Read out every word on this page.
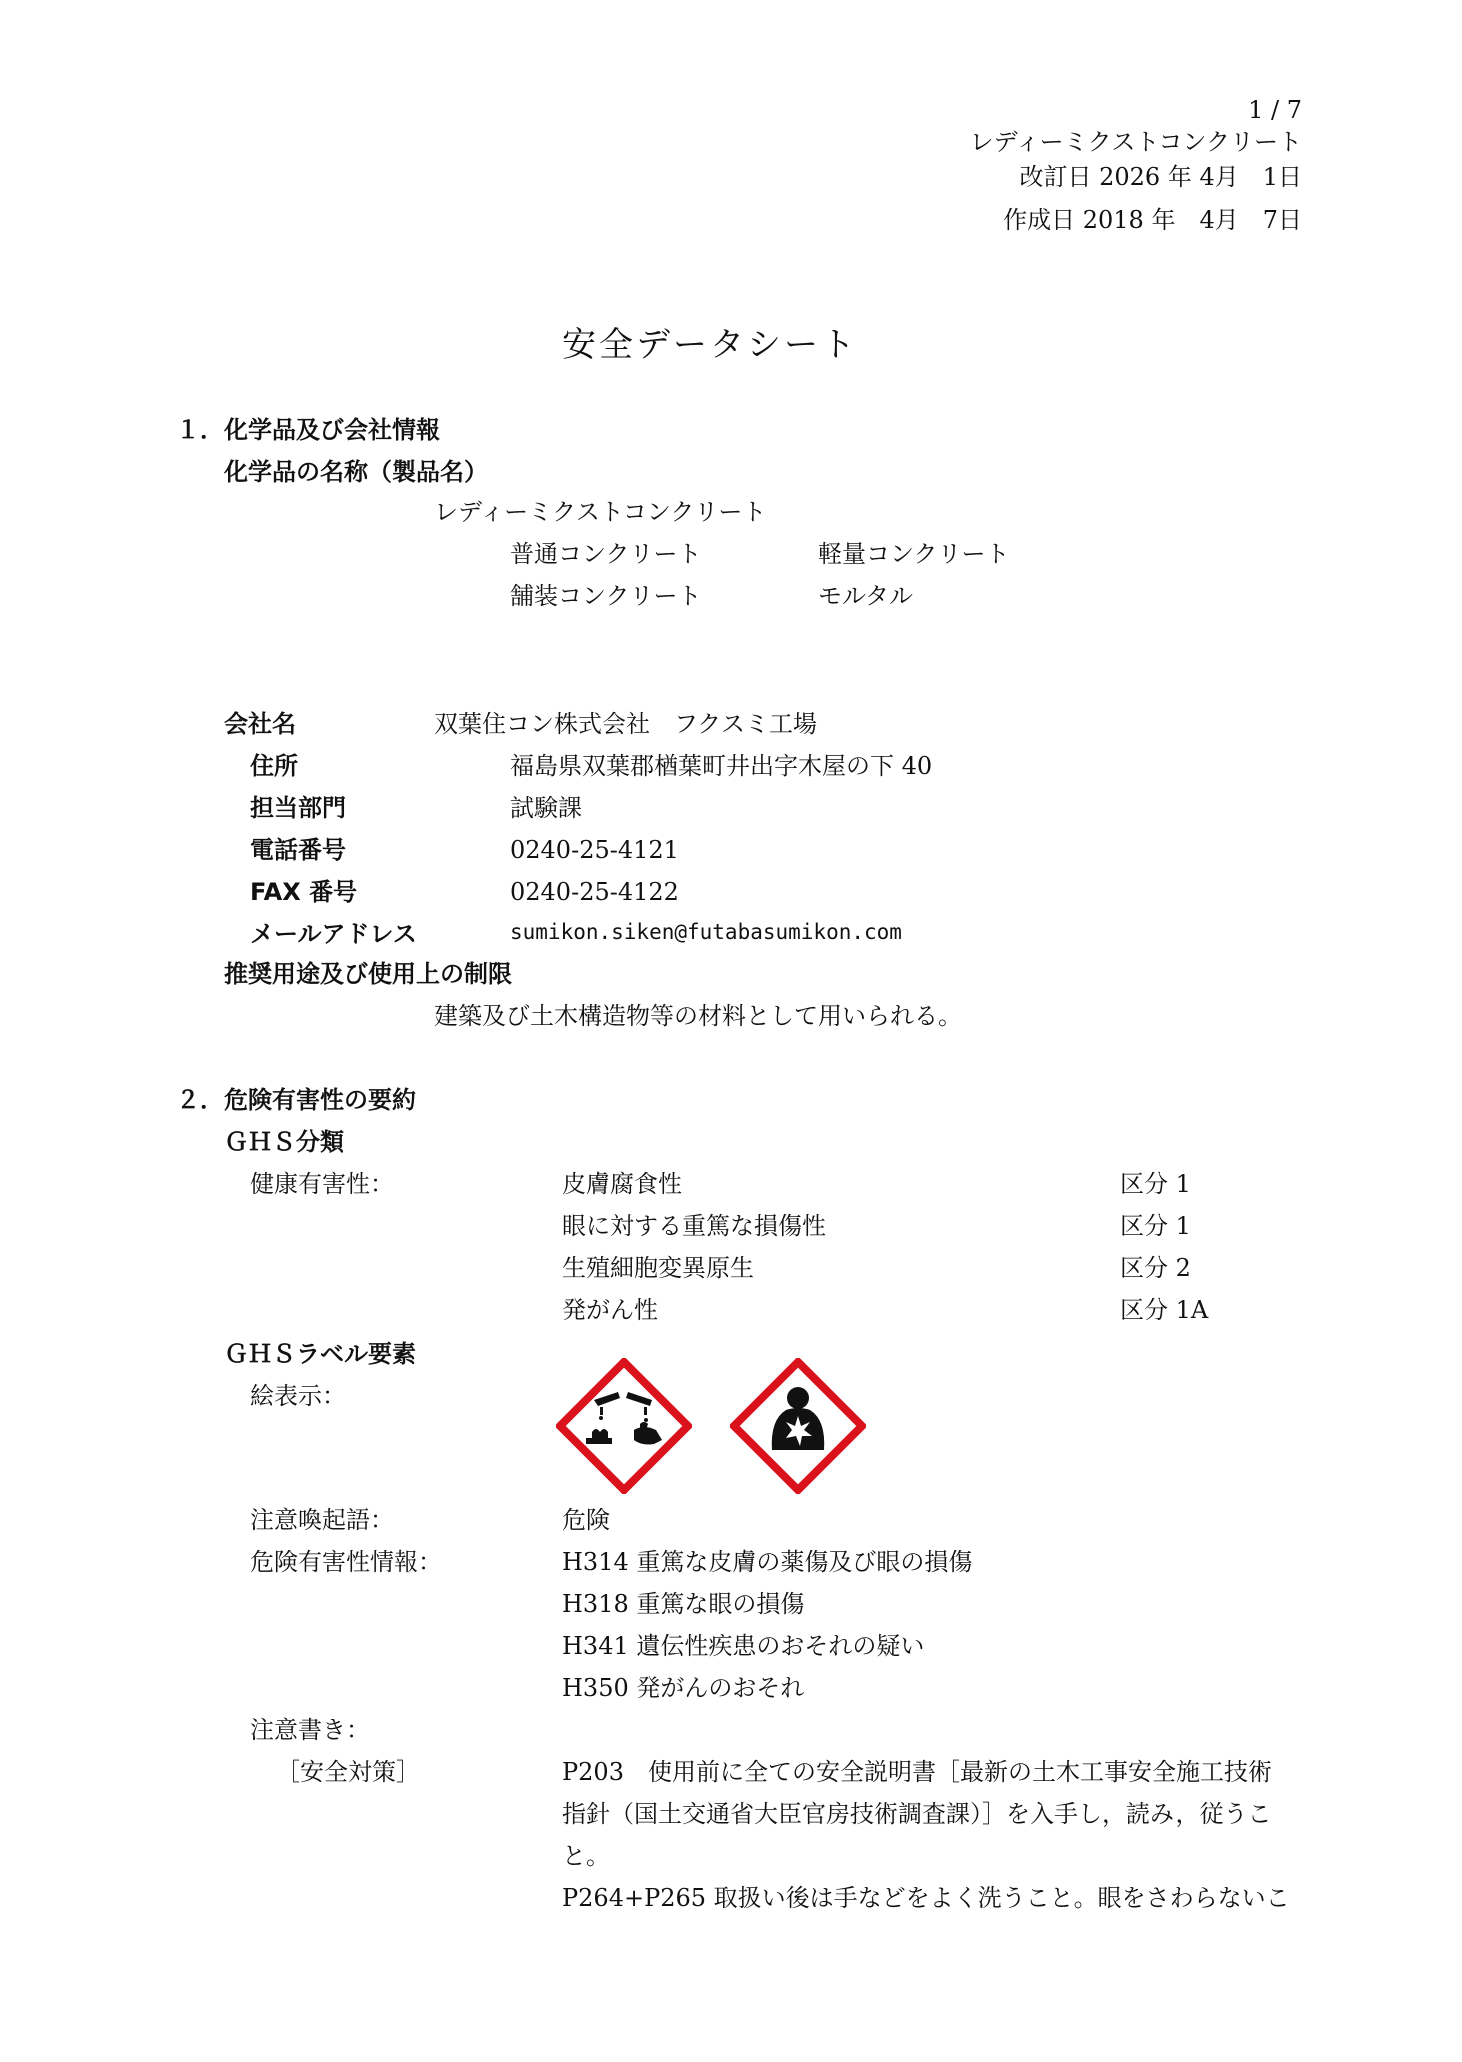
1 / 7
レディーミクストコンクリート
改訂日 2026 年 4月　1日
作成日 2018 年　4月　7日
安全データシート
１．化学品及び会社情報
化学品の名称（製品名）
レディーミクストコンクリート
普通コンクリート	軽量コンクリート
舗装コンクリート	モルタル
会社名	双葉住コン株式会社　フクスミ工場
住所	福島県双葉郡楢葉町井出字木屋の下 40
担当部門	試験課
電話番号	0240-25-4121
FAX 番号	0240-25-4122
メールアドレス	sumikon.siken@futabasumikon.com
推奨用途及び使用上の制限
建築及び土木構造物等の材料として用いられる。
２．危険有害性の要約
ＧＨＳ分類
健康有害性：	皮膚腐食性	区分 1
眼に対する重篤な損傷性	区分 1
生殖細胞変異原生	区分 2
発がん性	区分 1A
ＧＨＳラベル要素
絵表示：
注意喚起語：	危険
危険有害性情報：	H314 重篤な皮膚の薬傷及び眼の損傷
H318 重篤な眼の損傷
H341 遺伝性疾患のおそれの疑い
H350 発がんのおそれ
注意書き：
［安全対策］	P203　使用前に全ての安全説明書［最新の土木工事安全施工技術
指針（国土交通省大臣官房技術調査課）］を入手し，読み，従うこ
と。
P264+P265 取扱い後は手などをよく洗うこと。眼をさわらないこ
